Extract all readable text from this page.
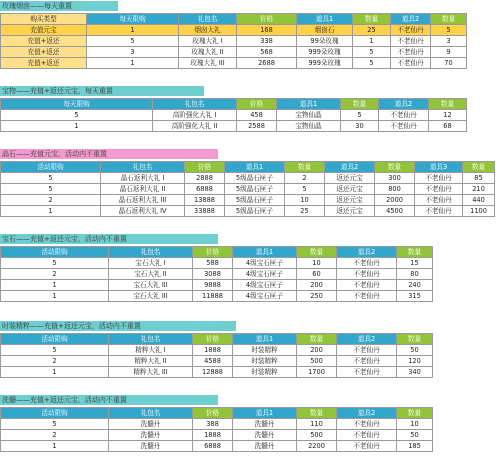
玫瑰烟囱——每天重置
购买类型	每天限购	礼包名	价格	道具1	数量	道具2	数量
充值元宝	1	烟囱大礼	168	烟囱石	25	不老仙丹	5
充值+返还	5	玫瑰大礼 I	338	99朵玫瑰	1	不老仙丹	3
充值+返还	3	玫瑰大礼 II	568	999朵玫瑰	5	不老仙丹	9
充值+返还	1	玫瑰大礼 III	2688	999朵玫瑰	5	不老仙丹	70
宝物——充值+返还元宝，每天重置
每天限购	礼包名	价格	道具1	数量	道具2	数量
5	高阶强化大礼 I	458	宝物仙晶	5	不老仙丹	12
1	高阶强化大礼 II	2588	宝物仙晶	30	不老仙丹	68
晶石——充值元宝，活动内不重置
活动限购	礼包名	价格	道具1	数量	道具2	数量	道具3	数量
5	晶石返利大礼 I	2888	5级晶石匣子	2	返还元宝	300	不老仙丹	85
5	晶石返利大礼 II	6888	5级晶石匣子	5	返还元宝	800	不老仙丹	210
2	晶石返利大礼 III	13888	5级晶石匣子	10	返还元宝	2000	不老仙丹	440
1	晶石返利大礼 IV	33888	5级晶石匣子	25	返还元宝	4500	不老仙丹	1100
宝石——充值+返还元宝，活动内不重置
活动限购	礼包名	价格	道具1	数量	道具2	数量
5	宝石大礼 I	588	4级宝石匣子	10	不老仙丹	15
2	宝石大礼 II	3088	4级宝石匣子	60	不老仙丹	80
1	宝石大礼 III	9888	4级宝石匣子	200	不老仙丹	240
1	宝石大礼 III	11888	4级宝石匣子	250	不老仙丹	315
时装精粹——充值+返还元宝，活动内不重置
活动限购	礼包名	价格	道具1	数量	道具2	数量
5	精粹大礼 I	1888	时装精粹	200	不老仙丹	50
2	精粹大礼 II	4588	时装精粹	500	不老仙丹	120
1	精粹大礼 III	12888	时装精粹	1700	不老仙丹	340
洗髓——充值+返还元宝，活动内不重置
活动限购	礼包名	价格	道具1	数量	道具2	数量
5	洗髓丹	388	洗髓丹	110	不老仙丹	10
2	洗髓丹	1888	洗髓丹	500	不老仙丹	50
1	洗髓丹	6888	洗髓丹	2200	不老仙丹	185
